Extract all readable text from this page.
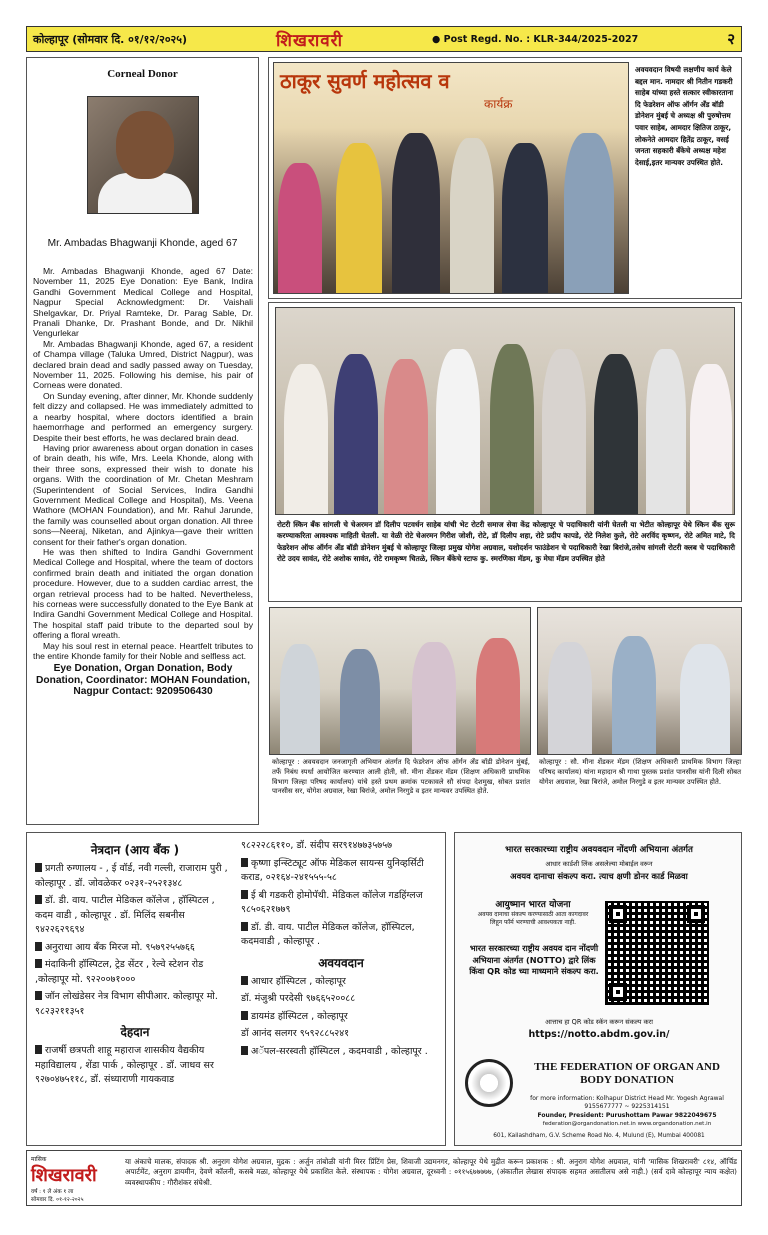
कोल्हापूर (सोमवार दि. ०१/१२/२०२५)	शिखरावरी	● Post Regd. No. : KLR-344/2025-2027	२
Corneal Donor
Mr. Ambadas Bhagwanji Khonde, aged 67

Mr. Ambadas Bhagwanji Khonde, aged 67 Date: November 11, 2025 Eye Donation: Eye Bank, Indira Gandhi Government Medical College and Hospital, Nagpur Special Acknowledgment: Dr. Vaishali Shelgavkar, Dr. Priyal Ramteke, Dr. Parag Sable, Dr. Pranali Dhanke, Dr. Prashant Bonde, and Dr. Nikhil Vengurlekar

Mr. Ambadas Bhagwanji Khonde, aged 67, a resident of Champa village (Taluka Umred, District Nagpur), was declared brain dead and sadly passed away on Tuesday, November 11, 2025. Following his demise, his pair of Corneas were donated.

On Sunday evening, after dinner, Mr. Khonde suddenly felt dizzy and collapsed. He was immediately admitted to a nearby hospital, where doctors identified a brain haemorrhage and performed an emergency surgery. Despite their best efforts, he was declared brain dead.

Having prior awareness about organ donation in cases of brain death, his wife, Mrs. Leela Khonde, along with their three sons, expressed their wish to donate his organs. With the coordination of Mr. Chetan Meshram (Superintendent of Social Services, Indira Gandhi Government Medical College and Hospital), Ms. Veena Wathore (MOHAN Foundation), and Mr. Rahul Jarunde, the family was counselled about organ donation. All three sons—Neeraj, Niketan, and Ajinkya—gave their written consent for their father's organ donation.

He was then shifted to Indira Gandhi Government Medical College and Hospital, where the team of doctors confirmed brain death and initiated the organ donation procedure. However, due to a sudden cardiac arrest, the organ retrieval process had to be halted. Nevertheless, his corneas were successfully donated to the Eye Bank at Indira Gandhi Government Medical College and Hospital. The hospital staff paid tribute to the departed soul by offering a floral wreath.

May his soul rest in eternal peace. Heartfelt tributes to the entire Khonde family for their Noble and selfless act.

Eye Donation, Organ Donation, Body Donation, Coordinator: MOHAN Foundation, Nagpur Contact: 9209506430

ठाकूर सुवर्ण महोत्सव व
कार्यक्र
अवयवदान विषयी लक्षणीय कार्य केले बद्दल मान. नामदार श्री नितीन गडकरी साहेब यांच्या हस्ते सत्कार स्वीकारताना दि फेडरेशन ऑफ ऑर्गन अँड बॉडी डोनेशन मुंबई चे अध्यक्ष श्री पुरुषोत्तम पवार साहेब, आमदार क्षितिज ठाकूर, लोकनेते आमदार हितेंद्र ठाकूर, वसई जनता सहकारी बँकेचे अध्यक्ष महेश देसाई,इतर मान्यवर उपस्थित होते.
रोटरी स्किन बँक सांगली चे चेअरमन डॉ दिलीप पटवर्धन साहेब यांची भेट रोटरी समाज सेवा केंद्र कोल्हापूर चे पदाधिकारी यांनी घेतली या भेटीत कोल्हापूर येथे स्किन बँक सुरू करण्याकरिता आवश्यक माहिती घेतली. या वेळी रोटे चेअरमन गिरीश जोशी, रोटे, डॉ दिलीप शहा, रोटे प्रदीप कापडे, रोटे निलेश कुले, रोटे अरविंद कृष्णन, रोटे अमित माटे, दि फेडरेशन ऑफ ऑर्गन अँड बॉडी डोनेशन मुंबई चे कोल्हापूर जिल्हा प्रमुख योगेश अग्रवाल, यशोदर्शन फाउंडेशन चे पदाधिकारी रेखा बिरांजे,तसेच सांगली रोटरी क्लब चे पदाधिकारी रोटे उदय सावंत, रोटे अशोक सावंत, रोटे रामकृष्ण चितळे, स्किन बँकेचे स्टाफ कु. स्मरणिका मॅडम, कु मेघा मॅडम उपस्थित होते
कोल्हापूर : अवयवदान जनजागृती अभियान अंतर्गत दि फेडरेशन ऑफ ऑर्गन अँड बॉडी डोनेशन मुंबई, तर्फे निबंध स्पर्धा आयोजित करण्यात आली होती, सौ. मीना शेंडकर मॅडम (शिक्षण अधिकारी प्राथमिक विभाग जिल्हा परिषद कार्यालय) यांचे हस्ते प्रथम क्रमांक पटकावले सौ संपदा देशमुख, सोबत प्रशांत पानसीस सर, योगेश अग्रवाल, रेखा बिरांजे, अमोल निरगुडे व इतर मान्यवर उपस्थित होते.
कोल्हापूर : सौ. मीना शेंडकर मॅडम (शिक्षण अधिकारी प्राथमिक विभाग जिल्हा परिषद कार्यालय) यांना महादान श्री गाथा पुस्तक प्रशांत पानसीस यांनी दिली सोबत योगेश अग्रवाल, रेखा बिरांजे, अमोल निरगुडे व इतर मान्यवर उपस्थित होते.
नेत्रदान (आय बँक )
प्रगती रुग्णालय - , ई वॉर्ड, नवी गल्ली, राजाराम पुरी , कोल्हापूर . डॉ. जोवळेकर ०२३१-२५२१३४८
डॉ. डी. वाय. पाटील मेडिकल कॉलेज , हॉस्पिटल , कदम वाडी , कोल्हापूर . डॉ. मिलिंद सबनीस ९४२२६२९६९४
अनुराधा आय बँक मिरज मो. ९५७९२५५७६६
मंदाकिनी हॉस्पिटल, ट्रेड सेंटर , रेल्वे स्टेशन रोड ,कोल्हापूर मो. ९२२००७१०००
जॉन लोखंडेसर नेत्र विभाग सीपीआर. कोल्हापूर मो. ९८२३२११३५१
देहदान
राजर्षी छत्रपती शाहू महाराज शासकीय वैद्यकीय महाविद्यालय , शेंडा पार्क , कोल्हापूर . डॉ. जाधव सर ९२७०४७५११८, डॉ. संध्याराणी गायकवाड
९८२२२८६११०, डॉ. संदीप सर९१४७७३५७५७
कृष्णा इन्स्टिट्यूट ऑफ मेडिकल सायन्स युनिव्हर्सिटी कराड, ०२१६४-२४१५५५-५८
ई बी गडकरी होमोपॅथी. मेडिकल कॉलेज गडहिंग्लज ९८५०६२१७७९
डॉ. डी. वाय. पाटील मेडिकल कॉलेज, हॉस्पिटल, कदमवाडी , कोल्हापूर .
अवयवदान
आधार हॉस्पिटल , कोल्हापूर
डॉ. मंजुश्री परदेसी ९७६६५२००८८
डायमंड हॉस्पिटल , कोल्हापूर
डॉ आनंद सलगर ९५९२८८५२४१
अॅपल-सरस्वती हॉस्पिटल , कदमवाडी , कोल्हापूर .
भारत सरकारच्या राष्ट्रीय अवयवदान नोंदणी अभियाना अंतर्गत
आधार कार्डशी लिंक असलेल्या मोबाईल वरून
अवयव दानाचा संकल्प करा. त्याच क्षणी डोनर कार्ड मिळवा
आयुष्मान भारत योजना
अवयव दानाचा संकल्प करण्यासाठी आता कागदावर लिहून फॉर्म भरण्याची आवश्यकता नाही.
भारत सरकारच्या राष्ट्रीय अवयव दान नोंदणी अभियाना अंतर्गत (NOTTO) द्वारे लिंक किंवा QR कोड च्या माध्यमाने संकल्प करा.
आत्ताच हा QR कोड स्कॅन करून संकल्प करा
https://notto.abdm.gov.in/
THE FEDERATION OF ORGAN AND BODY DONATION
for more information: Kolhapur District Head Mr. Yogesh Agrawal 9155677777 ~ 9225314151
Founder, President: Purushottam Pawar 9822049675
federation@organdonation.net.in www.organdonation.net.in
601, Kailashdham, G.V. Scheme Road No. 4, Mulund (E), Mumbai 400081
मासिक
शिखरावरी
वर्ष : १ ले अंक १ ला
सोमवार दि. ०१-१२-२०२५
या अंकाचे मालक, संपादक श्री. अनुराग योगेश अग्रवाल, मुद्रक : अर्जुन तांबोळी यांनी मिरर प्रिंटिंग प्रेस, शिवाजी उद्यमनगर, कोल्हापूर येथे मुद्रीत करून प्रकाशक : श्री. अनुराग योगेश अग्रवाल, यांनी 'मासिक शिखरावरी' ८१४, ऑर्चिड अपार्टमेंट, अनुराग डायमीन, देवणे कॉलनी, कसबे मळा, कोल्हापूर येथे प्रकाशित केले. संस्थापक : योगेश अग्रवाल, दूरध्वनी : ०११५६७७७७७, (अंकातील लेखास संपादक सहमत असतीलच असे नाही.) (सर्व दावे कोल्हापूर न्याय कक्षेत) व्यवस्थापकीय : गौरीशंकर संघेश्री.
